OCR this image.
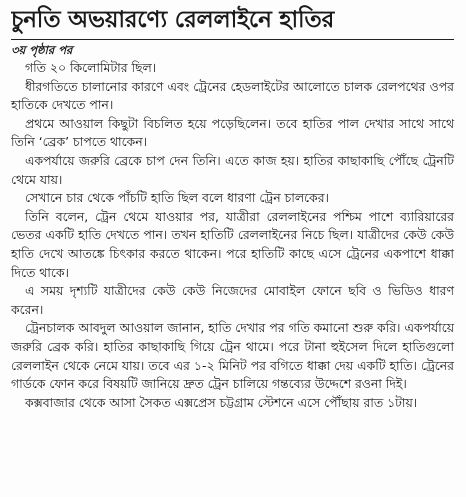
চুনতি অভয়ারণ্যে রেললাইনে হাতির
৩য় পৃষ্ঠার পর

গতি ২০ কিলোমিটার ছিল।

ধীরগতিতে চালানোর কারণে এবং ট্রেনের হেডলাইটের আলোতে চালক রেলপথের ওপর হাতিকে দেখতে পান।

প্রথমে আওয়াল কিছুটা বিচলিত হয়ে পড়েছিলেন। তবে হাতির পাল দেখার সাথে সাথে তিনি ‘ব্রেক’ চাপতে থাকেন।

একপর্যায়ে জরুরি ব্রেকে চাপ দেন তিনি। এতে কাজ হয়। হাতির কাছাকাছি পৌঁছে ট্রেনটি থেমে যায়।

সেখানে চার থেকে পাঁচটি হাতি ছিল বলে ধারণা ট্রেন চালকের।

তিনি বলেন, ট্রেন থেমে যাওয়ার পর, যাত্রীরা রেললাইনের পশ্চিম পাশে ব্যারিয়ারের ভেতর একটি হাতি দেখতে পান। তখন হাতিটি রেললাইনের নিচে ছিল। যাত্রীদের কেউ কেউ হাতি দেখে আতঙ্কে চিৎকার করতে থাকেন। পরে হাতিটি কাছে এসে ট্রেনের একপাশে ধাক্কা দিতে থাকে।

এ সময় দৃশ্যটি যাত্রীদের কেউ কেউ নিজেদের মোবাইল ফোনে ছবি ও ভিডিও ধারণ করেন।

ট্রেনচালক আবদুল আওয়াল জানান, হাতি দেখার পর গতি কমানো শুরু করি। একপর্যায়ে জরুরি ব্রেক করি। হাতির কাছাকাছি গিয়ে ট্রেন থামে। পরে টানা হুইসেল দিলে হাতিগুলো রেললাইন থেকে নেমে যায়। তবে এর ১-২ মিনিট পর বগিতে ধাক্কা দেয় একটি হাতি। ট্রেনের গার্ডকে ফোন করে বিষয়টি জানিয়ে দ্রুত ট্রেন চালিয়ে গন্তব্যের উদ্দেশে রওনা দিই।

কক্সবাজার থেকে আসা সৈকত এক্সপ্রেস চট্টগ্রাম স্টেশনে এসে পৌঁছায় রাত ১টায়।
